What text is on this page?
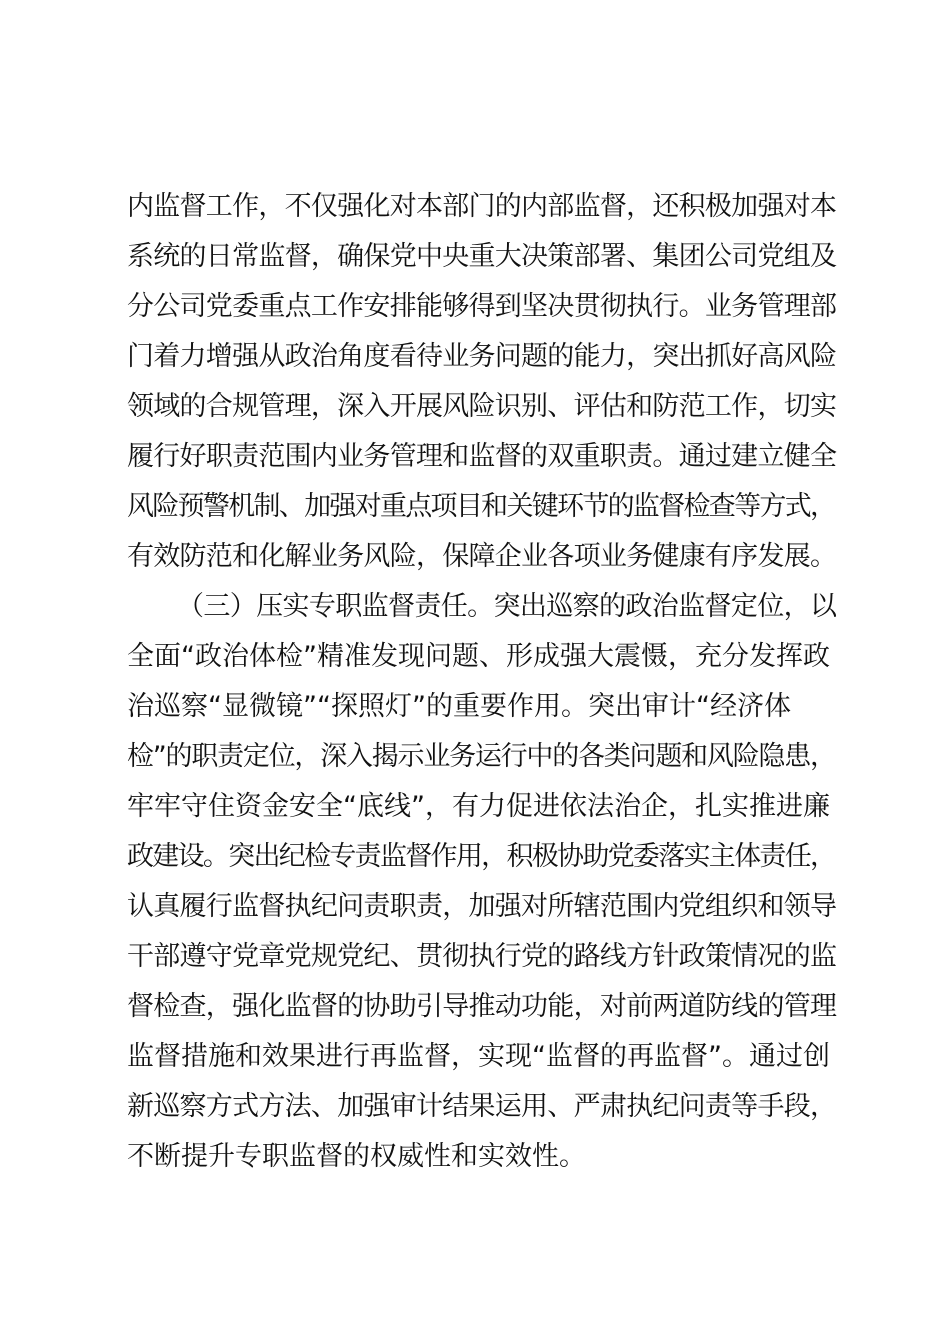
内监督工作，不仅强化对本部门的内部监督，还积极加强对本
系统的日常监督，确保党中央重大决策部署、集团公司党组及
分公司党委重点工作安排能够得到坚决贯彻执行。业务管理部
门着力增强从政治角度看待业务问题的能力，突出抓好高风险
领域的合规管理，深入开展风险识别、评估和防范工作，切实
履行好职责范围内业务管理和监督的双重职责。通过建立健全
风险预警机制、加强对重点项目和关键环节的监督检查等方式，
有效防范和化解业务风险，保障企业各项业务健康有序发展。
（三）压实专职监督责任。突出巡察的政治监督定位，以
全面“政治体检”精准发现问题、形成强大震慑，充分发挥政
治巡察“显微镜”“探照灯”的重要作用。突出审计“经济体
检”的职责定位，深入揭示业务运行中的各类问题和风险隐患，
牢牢守住资金安全“底线”，有力促进依法治企，扎实推进廉
政建设。突出纪检专责监督作用，积极协助党委落实主体责任，
认真履行监督执纪问责职责，加强对所辖范围内党组织和领导
干部遵守党章党规党纪、贯彻执行党的路线方针政策情况的监
督检查，强化监督的协助引导推动功能，对前两道防线的管理
监督措施和效果进行再监督，实现“监督的再监督”。通过创
新巡察方式方法、加强审计结果运用、严肃执纪问责等手段，
不断提升专职监督的权威性和实效性。
